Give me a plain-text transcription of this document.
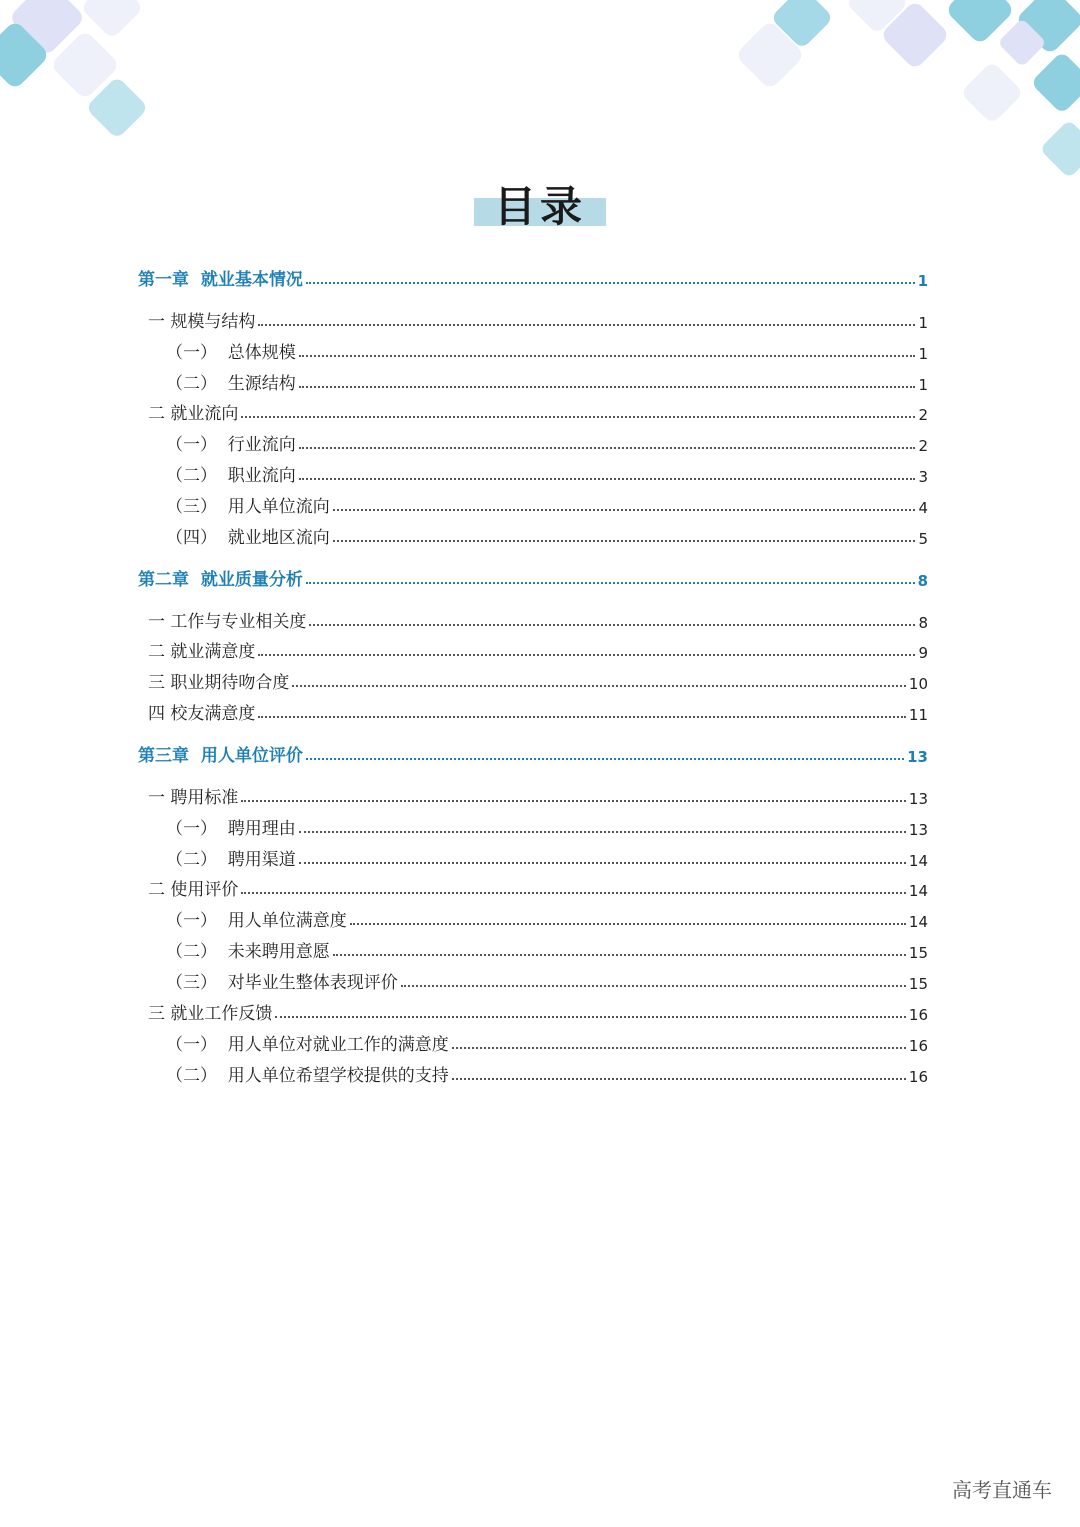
目录
第一章  就业基本情况	1
一 规模与结构	1
（一）  总体规模	1
（二）  生源结构	1
二 就业流向	2
（一）  行业流向	2
（二）  职业流向	3
（三）  用人单位流向	4
（四）  就业地区流向	5
第二章  就业质量分析	8
一 工作与专业相关度	8
二 就业满意度	9
三 职业期待吻合度	10
四 校友满意度	11
第三章  用人单位评价	13
一 聘用标准	13
（一）  聘用理由	13
（二）  聘用渠道	14
二 使用评价	14
（一）  用人单位满意度	14
（二）  未来聘用意愿	15
（三）  对毕业生整体表现评价	15
三 就业工作反馈	16
（一）  用人单位对就业工作的满意度	16
（二）  用人单位希望学校提供的支持	16
高考直通车
